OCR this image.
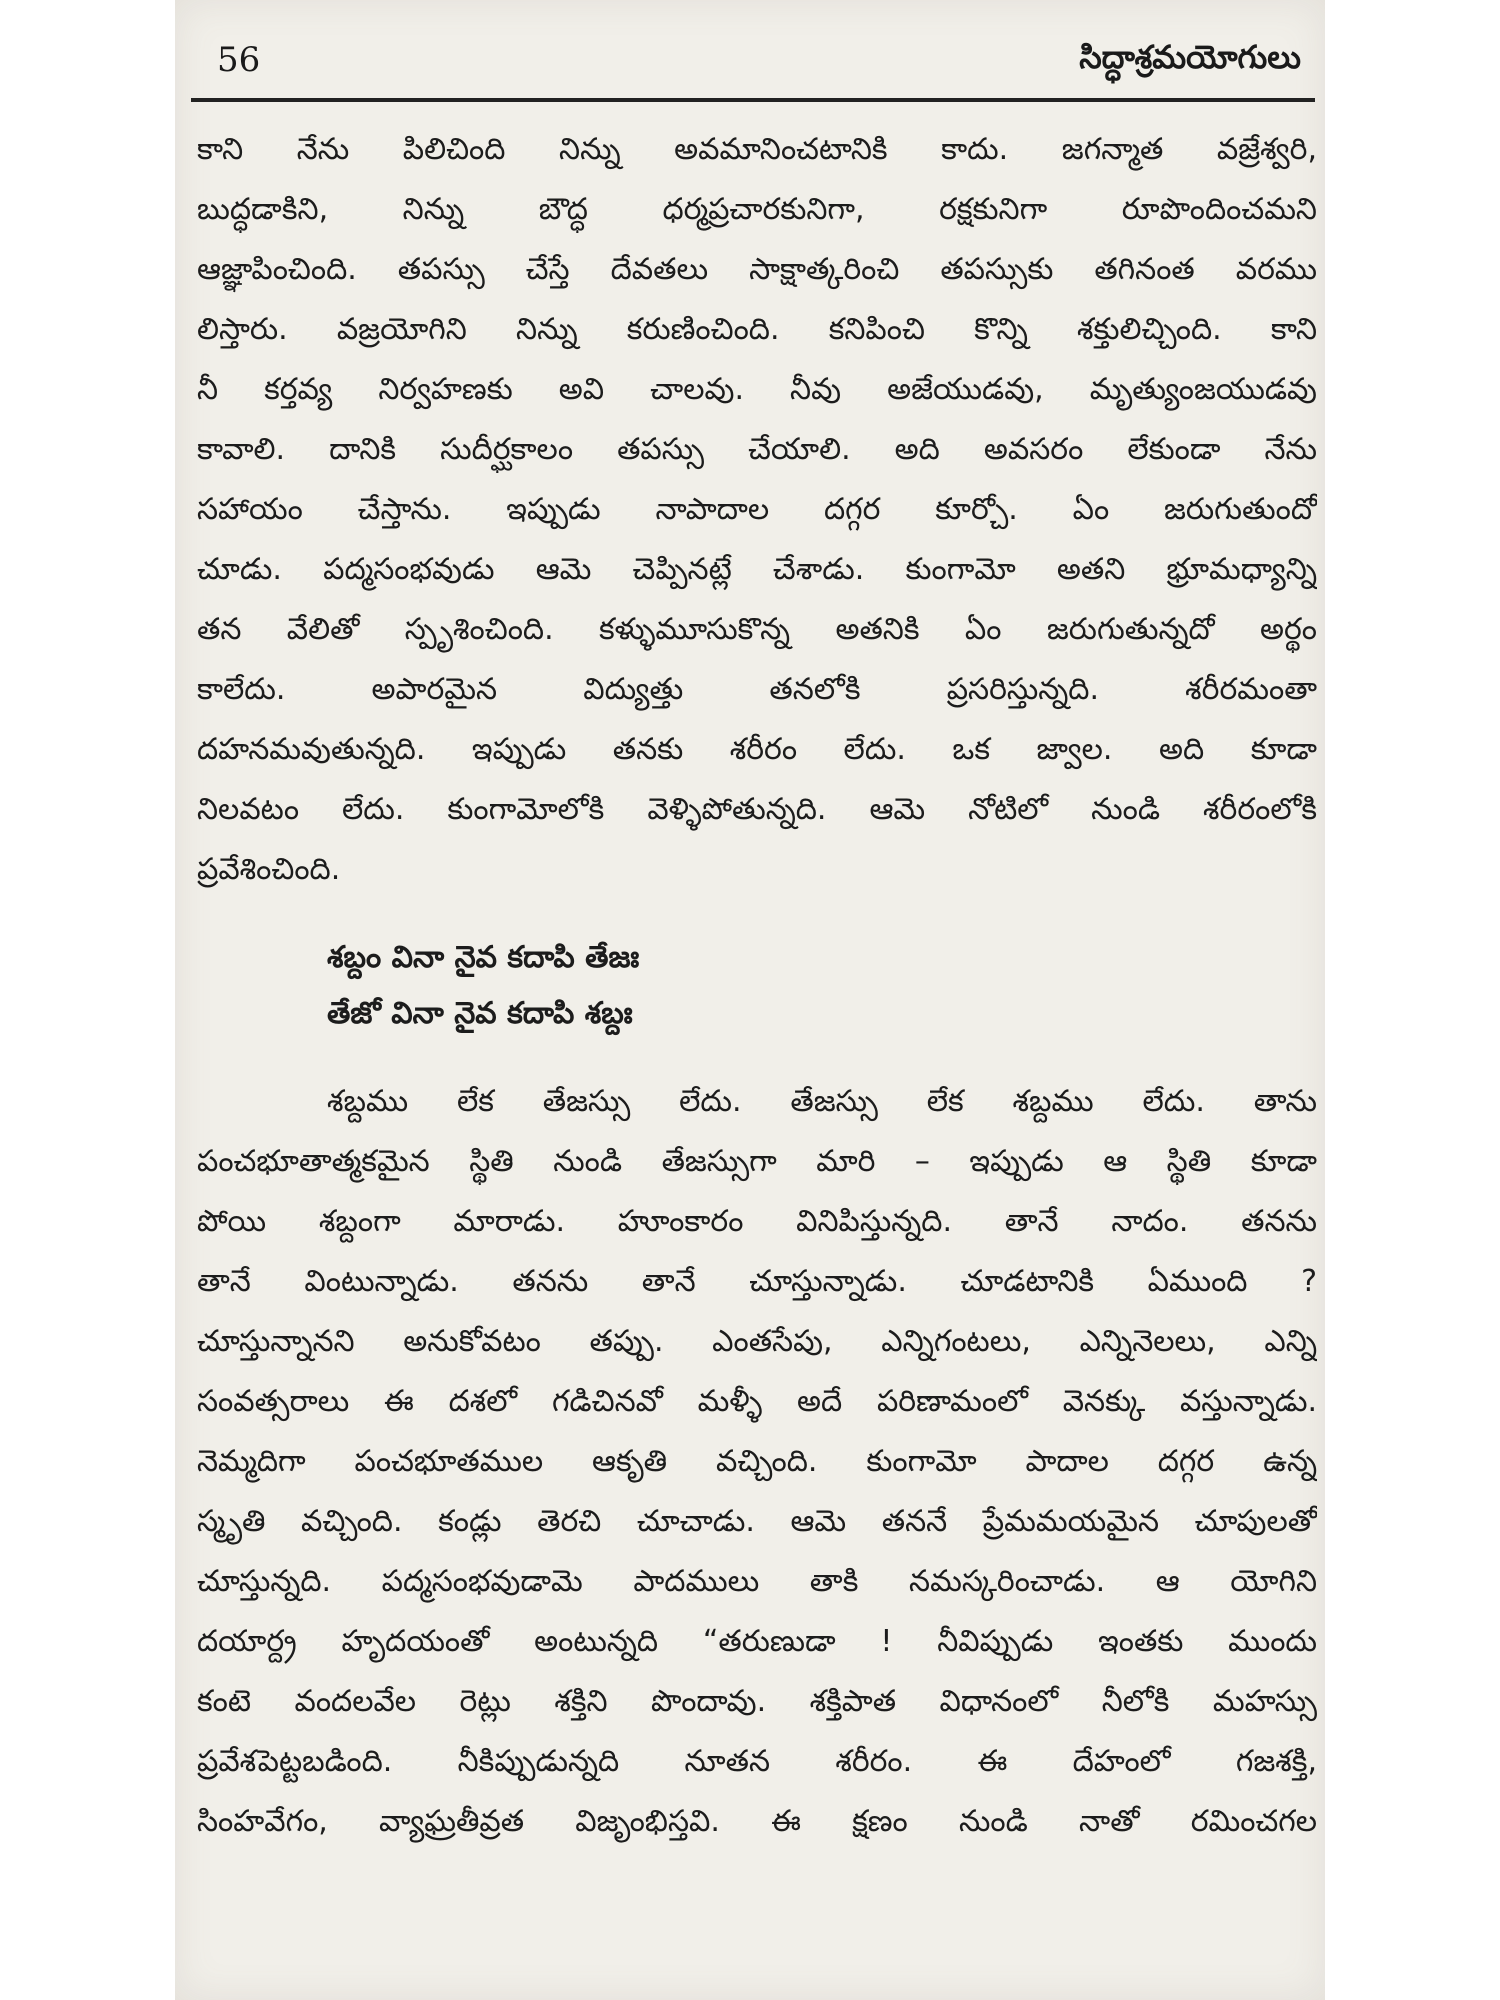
56	సిద్ధాశ్రమయోగులు
కాని నేను పిలిచింది నిన్ను అవమానించటానికి కాదు. జగన్మాత వజ్రేశ్వరి,
బుద్ధడాకిని, నిన్ను బౌద్ధ ధర్మప్రచారకునిగా, రక్షకునిగా రూపొందించమని
ఆజ్ఞాపించింది. తపస్సు చేస్తే దేవతలు సాక్షాత్కరించి తపస్సుకు తగినంత వరము
లిస్తారు. వజ్రయోగిని నిన్ను కరుణించింది. కనిపించి కొన్ని శక్తులిచ్చింది. కాని
నీ కర్తవ్య నిర్వహణకు అవి చాలవు. నీవు అజేయుడవు, మృత్యుంజయుడవు
కావాలి. దానికి సుదీర్ఘకాలం తపస్సు చేయాలి. అది అవసరం లేకుండా నేను
సహాయం చేస్తాను. ఇప్పుడు నాపాదాల దగ్గర కూర్చో. ఏం జరుగుతుందో
చూడు. పద్మసంభవుడు ఆమె చెప్పినట్లే చేశాడు. కుంగామో అతని భ్రూమధ్యాన్ని
తన వేలితో స్పృశించింది. కళ్ళుమూసుకొన్న అతనికి ఏం జరుగుతున్నదో అర్థం
కాలేదు. అపారమైన విద్యుత్తు తనలోకి ప్రసరిస్తున్నది. శరీరమంతా
దహనమవుతున్నది. ఇప్పుడు తనకు శరీరం లేదు. ఒక జ్వాల. అది కూడా
నిలవటం లేదు. కుంగామోలోకి వెళ్ళిపోతున్నది. ఆమె నోటిలో నుండి శరీరంలోకి
ప్రవేశించింది.
శబ్దం వినా నైవ కదాపి తేజః
తేజో వినా నైవ కదాపి శబ్దః
శబ్దము లేక తేజస్సు లేదు. తేజస్సు లేక శబ్దము లేదు. తాను
పంచభూతాత్మకమైన స్థితి నుండి తేజస్సుగా మారి – ఇప్పుడు ఆ స్థితి కూడా
పోయి శబ్దంగా మారాడు. హూంకారం వినిపిస్తున్నది. తానే నాదం. తనను
తానే వింటున్నాడు. తనను తానే చూస్తున్నాడు. చూడటానికి ఏముంది ?
చూస్తున్నానని అనుకోవటం తప్పు. ఎంతసేపు, ఎన్నిగంటలు, ఎన్నినెలలు, ఎన్ని
సంవత్సరాలు ఈ దశలో గడిచినవో మళ్ళీ అదే పరిణామంలో వెనక్కు వస్తున్నాడు.
నెమ్మదిగా పంచభూతముల ఆకృతి వచ్చింది. కుంగామో పాదాల దగ్గర ఉన్న
స్మృతి వచ్చింది. కండ్లు తెరచి చూచాడు. ఆమె తననే ప్రేమమయమైన చూపులతో
చూస్తున్నది. పద్మసంభవుడామె పాదములు తాకి నమస్కరించాడు. ఆ యోగిని
దయార్ద్ర హృదయంతో అంటున్నది “తరుణుడా ! నీవిప్పుడు ఇంతకు ముందు
కంటె వందలవేల రెట్లు శక్తిని పొందావు. శక్తిపాత విధానంలో నీలోకి మహస్సు
ప్రవేశపెట్టబడింది. నీకిప్పుడున్నది నూతన శరీరం. ఈ దేహంలో గజశక్తి,
సింహవేగం, వ్యాఘ్రతీవ్రత విజృంభిస్తవి. ఈ క్షణం నుండి నాతో రమించగల
